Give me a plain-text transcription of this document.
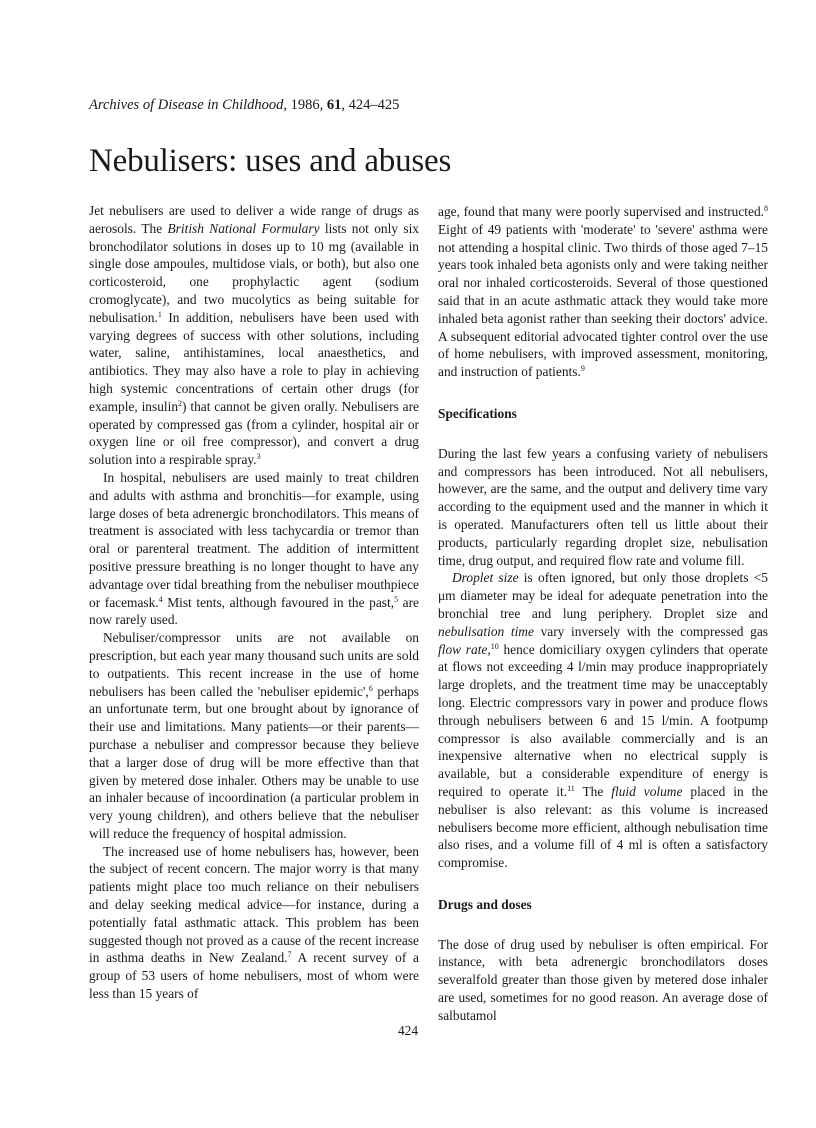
Archives of Disease in Childhood, 1986, 61, 424–425
Nebulisers: uses and abuses

Jet nebulisers are used to deliver a wide range of drugs as aerosols. The British National Formulary lists not only six bronchodilator solutions in doses up to 10 mg (available in single dose ampoules, multidose vials, or both), but also one corticosteroid, one prophylactic agent (sodium cromoglycate), and two mucolytics as being suitable for nebulisation.$^1$ In addition, nebulisers have been used with varying degrees of success with other solutions, including water, saline, antihistamines, local anaesthetics, and antibiotics. They may also have a role to play in achieving high systemic concentrations of certain other drugs (for example, insulin$^2$) that cannot be given orally. Nebulisers are operated by compressed gas (from a cylinder, hospital air or oxygen line or oil free compressor), and convert a drug solution into a respirable spray.$^3$

In hospital, nebulisers are used mainly to treat children and adults with asthma and bronchitis—for example, using large doses of beta adrenergic bronchodilators. This means of treatment is associated with less tachycardia or tremor than oral or parenteral treatment. The addition of intermittent positive pressure breathing is no longer thought to have any advantage over tidal breathing from the nebuliser mouthpiece or facemask.$^4$ Mist tents, although favoured in the past,$^5$ are now rarely used.

Nebuliser/compressor units are not available on prescription, but each year many thousand such units are sold to outpatients. This recent increase in the use of home nebulisers has been called the 'nebuliser epidemic',$^6$ perhaps an unfortunate term, but one brought about by ignorance of their use and limitations. Many patients—or their parents—purchase a nebuliser and compressor because they believe that a larger dose of drug will be more effective than that given by metered dose inhaler. Others may be unable to use an inhaler because of incoordination (a particular problem in very young children), and others believe that the nebuliser will reduce the frequency of hospital admission.

The increased use of home nebulisers has, however, been the subject of recent concern. The major worry is that many patients might place too much reliance on their nebulisers and delay seeking medical advice—for instance, during a potentially fatal asthmatic attack. This problem has been suggested though not proved as a cause of the recent increase in asthma deaths in New Zealand.$^7$ A recent survey of a group of 53 users of home nebulisers, most of whom were less than 15 years of

age, found that many were poorly supervised and instructed.$^8$ Eight of 49 patients with 'moderate' to 'severe' asthma were not attending a hospital clinic. Two thirds of those aged 7–15 years took inhaled beta agonists only and were taking neither oral nor inhaled corticosteroids. Several of those questioned said that in an acute asthmatic attack they would take more inhaled beta agonist rather than seeking their doctors' advice. A subsequent editorial advocated tighter control over the use of home nebulisers, with improved assessment, monitoring, and instruction of patients.$^9$

Specifications

During the last few years a confusing variety of nebulisers and compressors has been introduced. Not all nebulisers, however, are the same, and the output and delivery time vary according to the equipment used and the manner in which it is operated. Manufacturers often tell us little about their products, particularly regarding droplet size, nebulisation time, drug output, and required flow rate and volume fill.

Droplet size is often ignored, but only those droplets <5 μm diameter may be ideal for adequate penetration into the bronchial tree and lung periphery. Droplet size and nebulisation time vary inversely with the compressed gas flow rate,$^{10}$ hence domiciliary oxygen cylinders that operate at flows not exceeding 4 l/min may produce inappropriately large droplets, and the treatment time may be unacceptably long. Electric compressors vary in power and produce flows through nebulisers between 6 and 15 l/min. A footpump compressor is also available commercially and is an inexpensive alternative when no electrical supply is available, but a considerable expenditure of energy is required to operate it.$^{11}$ The fluid volume placed in the nebuliser is also relevant: as this volume is increased nebulisers become more efficient, although nebulisation time also rises, and a volume fill of 4 ml is often a satisfactory compromise.

Drugs and doses

The dose of drug used by nebuliser is often empirical. For instance, with beta adrenergic bronchodilators doses severalfold greater than those given by metered dose inhaler are used, sometimes for no good reason. An average dose of salbutamol

424
